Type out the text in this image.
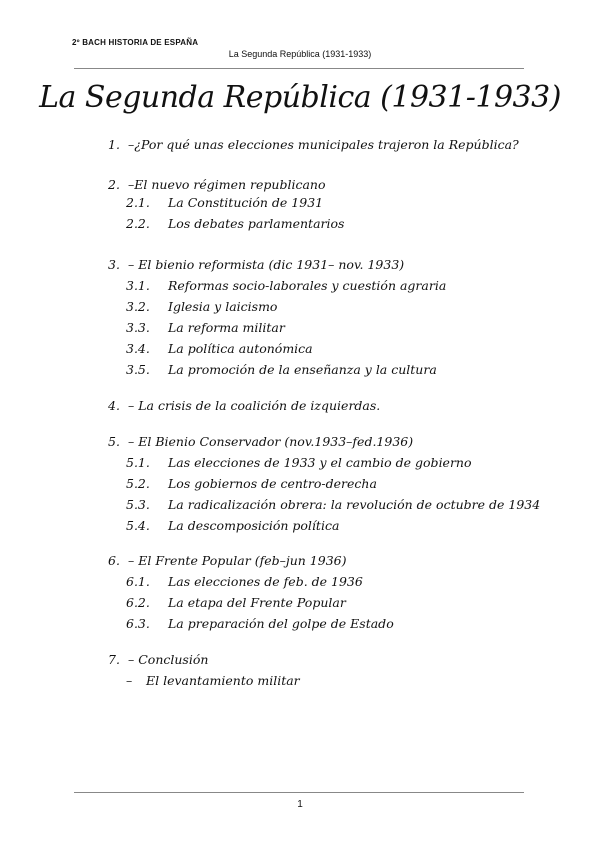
2º BACH HISTORIA DE ESPAÑA
La Segunda República (1931-1933)
La Segunda República (1931-1933)
1. –¿Por qué unas elecciones municipales trajeron la República?
2. –El nuevo régimen republicano
2.1. La Constitución de 1931
2.2. Los debates parlamentarios
3. – El bienio reformista (dic 1931– nov. 1933)
3.1. Reformas socio-laborales y cuestión agraria
3.2. Iglesia y laicismo
3.3. La reforma militar
3.4. La política autonómica
3.5. La promoción de la enseñanza y la cultura
4. – La crisis de la coalición de izquierdas.
5. – El Bienio Conservador (nov.1933–fed.1936)
5.1. Las elecciones de 1933 y el cambio de gobierno
5.2. Los gobiernos de centro-derecha
5.3. La radicalización obrera: la revolución de octubre de 1934
5.4. La descomposición política
6. – El Frente Popular (feb–jun 1936)
6.1. Las elecciones de feb. de 1936
6.2. La etapa del Frente Popular
6.3. La preparación del golpe de Estado
7. – Conclusión
– El levantamiento militar
1
